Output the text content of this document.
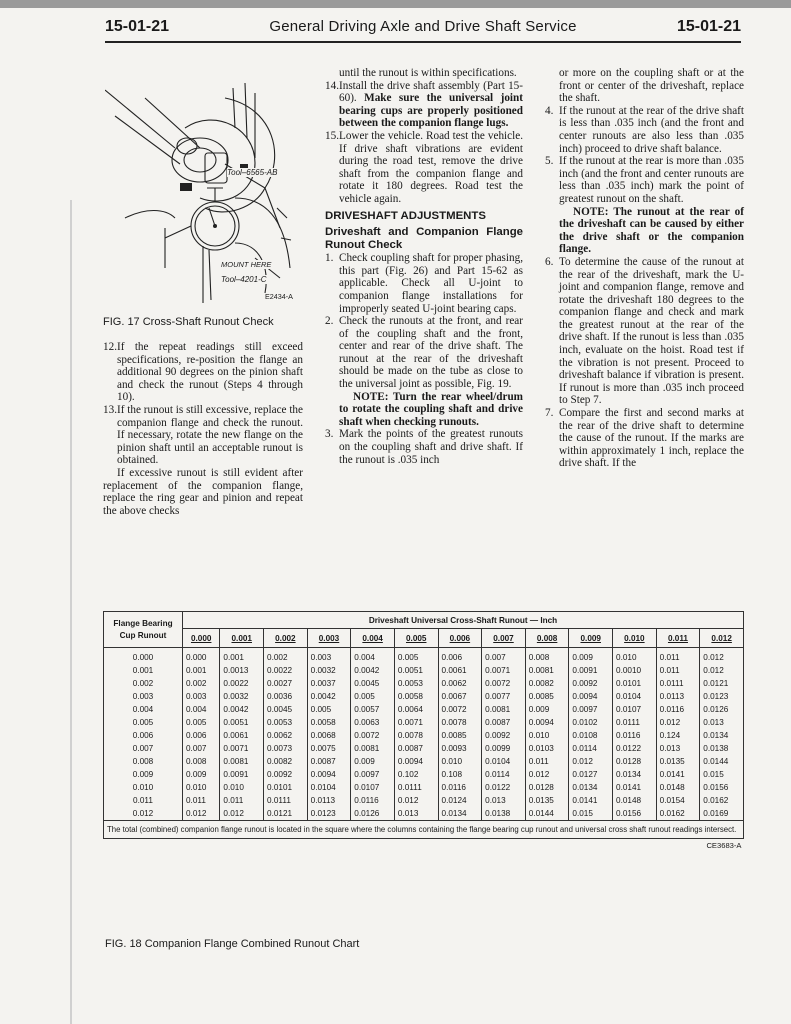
15-01-21	General Driving Axle and Drive Shaft Service	15-01-21
Tool–6565-AB
MOUNT HERE
Tool–4201-C
E2434-A
FIG. 17 Cross-Shaft Runout Check
12. If the repeat readings still exceed specifications, re-position the flange an additional 90 degrees on the pinion shaft and check the runout (Steps 4 through 10).
13. If the runout is still excessive, replace the companion flange and check the runout. If necessary, rotate the new flange on the pinion shaft until an acceptable runout is obtained.

If excessive runout is still evident after replacement of the companion flange, replace the ring gear and pinion and repeat the above checks

until the runout is within specifications.

14. Install the drive shaft assembly (Part 15-60). Make sure the universal joint bearing cups are properly positioned between the companion flange lugs.
15. Lower the vehicle. Road test the vehicle. If drive shaft vibrations are evident during the road test, remove the drive shaft from the companion flange and rotate it 180 degrees. Road test the vehicle again.

DRIVESHAFT ADJUSTMENTS

Driveshaft and Companion Flange Runout Check

1. Check coupling shaft for proper phasing, this part (Fig. 26) and Part 15-62 as applicable. Check all U-joint to companion flange installations for improperly seated U-joint bearing caps.
2. Check the runouts at the front, and rear of the coupling shaft and the front, center and rear of the drive shaft. The runout at the rear of the driveshaft should be made on the tube as close to the universal joint as possible, Fig. 19.

NOTE: Turn the rear wheel/drum to rotate the coupling shaft and drive shaft when checking runouts.

3. Mark the points of the greatest runouts on the coupling shaft and drive shaft. If the runout is .035 inch

or more on the coupling shaft or at the front or center of the driveshaft, replace the shaft.

4. If the runout at the rear of the drive shaft is less than .035 inch (and the front and center runouts are also less than .035 inch) proceed to drive shaft balance.
5. If the runout at the rear is more than .035 inch (and the front and center runouts are less than .035 inch) mark the point of greatest runout on the shaft.

NOTE: The runout at the rear of the driveshaft can be caused by either the drive shaft or the companion flange.

6. To determine the cause of the runout at the rear of the driveshaft, mark the U-joint and companion flange, remove and rotate the driveshaft 180 degrees to the companion flange and check and mark the greatest runout at the rear of the drive shaft. If the runout is less than .035 inch, evaluate on the hoist. Road test if the vibration is not present. Proceed to driveshaft balance if vibration is present. If runout is more than .035 inch proceed to Step 7.
7. Compare the first and second marks at the rear of the drive shaft to determine the cause of the runout. If the marks are within approximately 1 inch, replace the drive shaft. If the
Flange Bearing Cup Runout	Driveshaft Universal Cross-Shaft Runout — Inch												
	0.000	0.001	0.002	0.003	0.004	0.005	0.006	0.007	0.008	0.009	0.010	0.011	0.012
0.000	0.000	0.001	0.002	0.003	0.004	0.005	0.006	0.007	0.008	0.009	0.010	0.011	0.012
0.001	0.001	0.0013	0.0022	0.0032	0.0042	0.0051	0.0061	0.0071	0.0081	0.0091	0.0010	0.011	0.012
0.002	0.002	0.0022	0.0027	0.0037	0.0045	0.0053	0.0062	0.0072	0.0082	0.0092	0.0101	0.0111	0.0121
0.003	0.003	0.0032	0.0036	0.0042	0.005	0.0058	0.0067	0.0077	0.0085	0.0094	0.0104	0.0113	0.0123
0.004	0.004	0.0042	0.0045	0.005	0.0057	0.0064	0.0072	0.0081	0.009	0.0097	0.0107	0.0116	0.0126
0.005	0.005	0.0051	0.0053	0.0058	0.0063	0.0071	0.0078	0.0087	0.0094	0.0102	0.0111	0.012	0.013
0.006	0.006	0.0061	0.0062	0.0068	0.0072	0.0078	0.0085	0.0092	0.010	0.0108	0.0116	0.124	0.0134
0.007	0.007	0.0071	0.0073	0.0075	0.0081	0.0087	0.0093	0.0099	0.0103	0.0114	0.0122	0.013	0.0138
0.008	0.008	0.0081	0.0082	0.0087	0.009	0.0094	0.010	0.0104	0.011	0.012	0.0128	0.0135	0.0144
0.009	0.009	0.0091	0.0092	0.0094	0.0097	0.102	0.108	0.0114	0.012	0.0127	0.0134	0.0141	0.015
0.010	0.010	0.010	0.0101	0.0104	0.0107	0.0111	0.0116	0.0122	0.0128	0.0134	0.0141	0.0148	0.0156
0.011	0.011	0.011	0.0111	0.0113	0.0116	0.012	0.0124	0.013	0.0135	0.0141	0.0148	0.0154	0.0162
0.012	0.012	0.012	0.0121	0.0123	0.0126	0.013	0.0134	0.0138	0.0144	0.015	0.0156	0.0162	0.0169
The total (combined) companion flange runout is located in the square where the columns containing the flange bearing cup runout and universal cross shaft runout readings intersect.													
CE3683-A													
FIG. 18 Companion Flange Combined Runout Chart
